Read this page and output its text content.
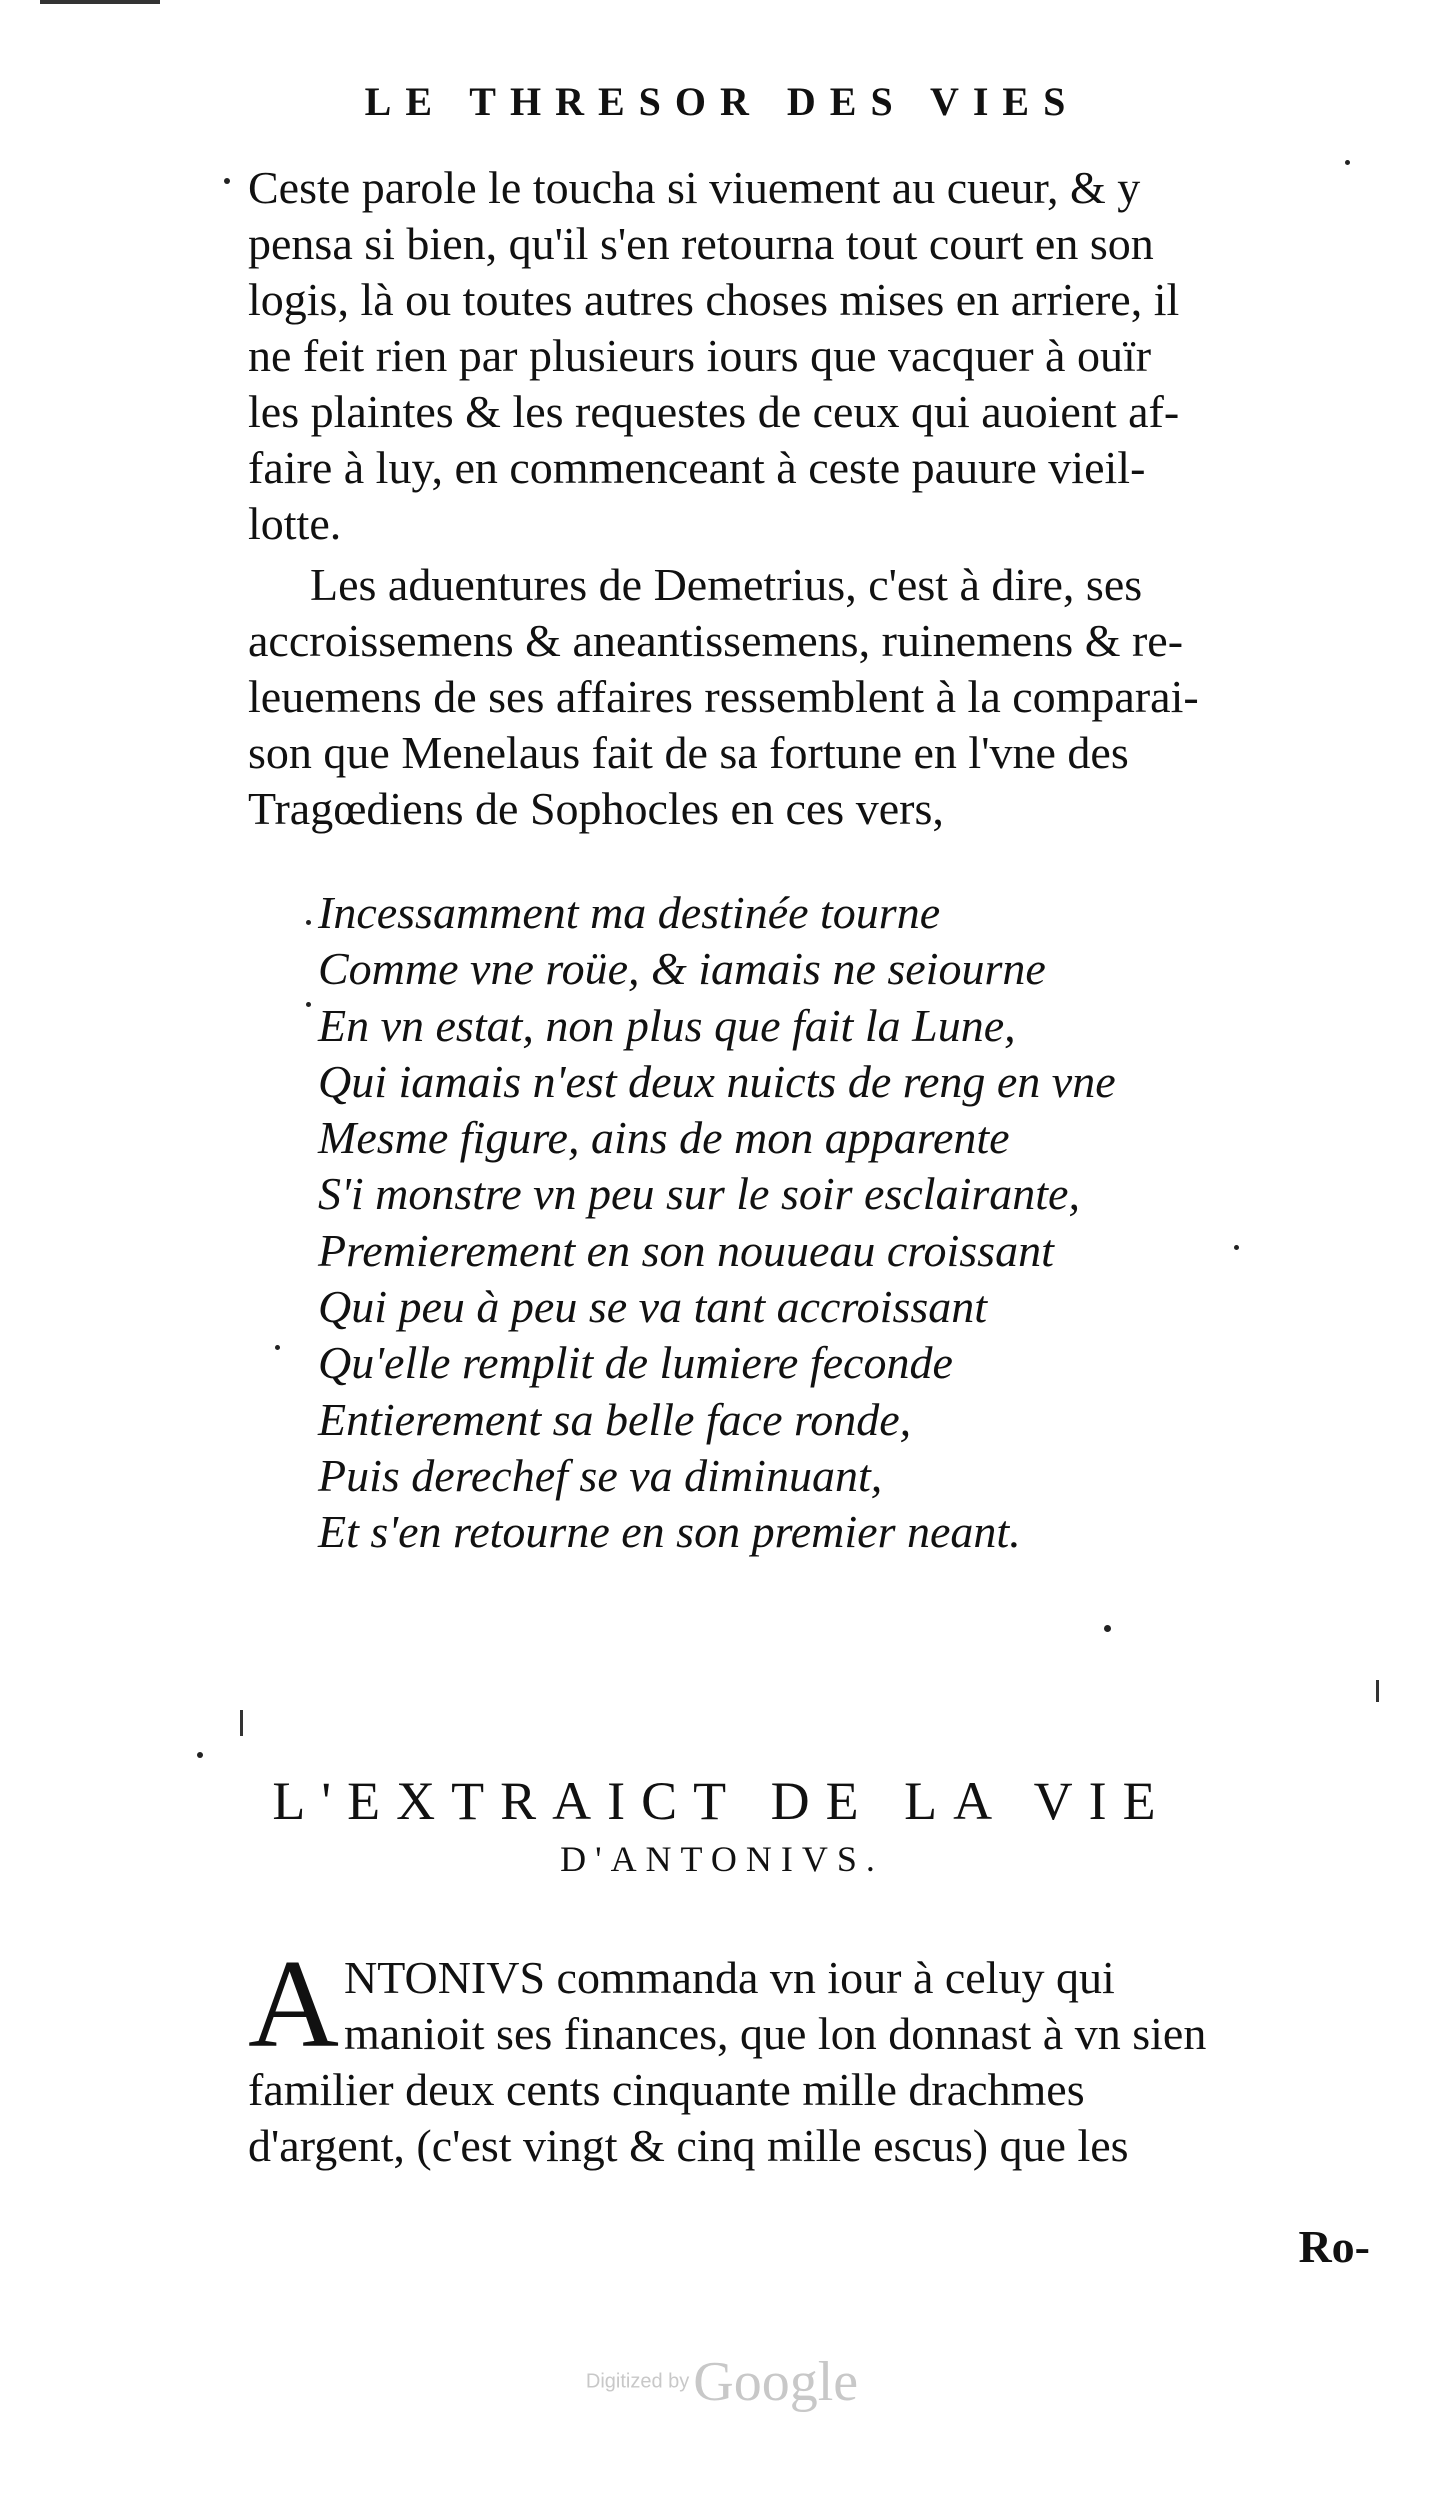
LE THRESOR DES VIES
Ceste parole le toucha si viuement au cueur, & y
pensa si bien, qu'il s'en retourna tout court en son
logis, là ou toutes autres choses mises en arriere, il
ne feit rien par plusieurs iours que vacquer à ouïr
les plaintes & les requestes de ceux qui auoient af-
faire à luy, en commenceant à ceste pauure vieil-
lotte.
Les aduentures de Demetrius, c'est à dire, ses
accroissemens & aneantissemens, ruinemens & re-
leuemens de ses affaires ressemblent à la comparai-
son que Menelaus fait de sa fortune en l'vne des
Tragœdiens de Sophocles en ces vers,
Incessamment ma destinée tourne
Comme vne roüe, & iamais ne seiourne
En vn estat, non plus que fait la Lune,
Qui iamais n'est deux nuicts de reng en vne
Mesme figure, ains de mon apparente
S'i monstre vn peu sur le soir esclairante,
Premierement en son nouueau croissant
Qui peu à peu se va tant accroissant
Qu'elle remplit de lumiere feconde
Entierement sa belle face ronde,
Puis derechef se va diminuant,
Et s'en retourne en son premier neant.
L'EXTRAICT DE LA VIE
D'ANTONIVS.
A NTONIVS commanda vn iour à celuy qui
manioit ses finances, que lon donnast à vn sien
familier deux cents cinquante mille drachmes
d'argent, (c'est vingt & cinq mille escus) que les
Ro-
Digitized by Google
